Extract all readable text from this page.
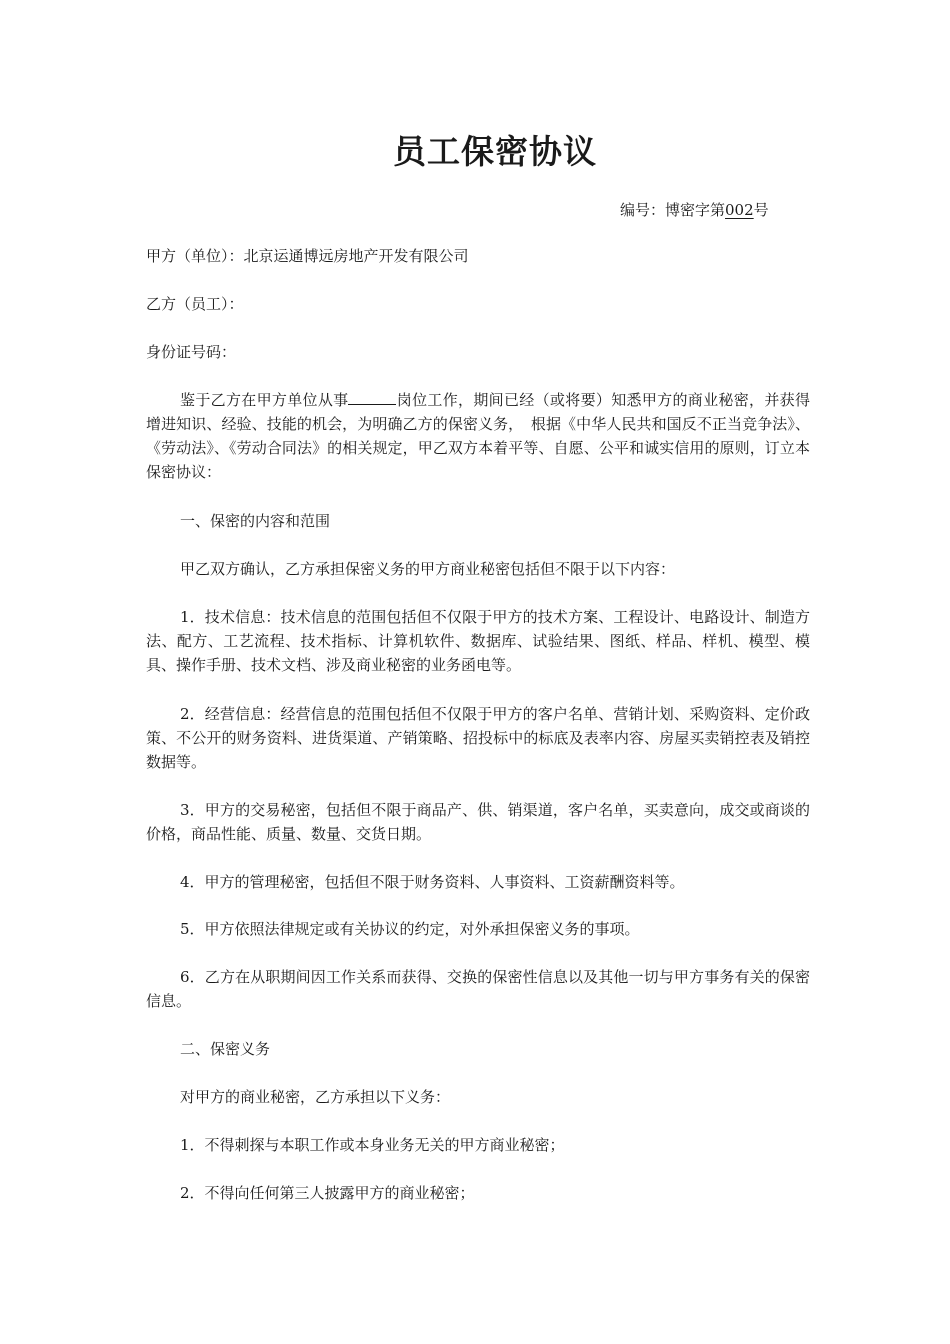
员工保密协议
编号：博密字第002号

甲方（单位）：北京运通博远房地产开发有限公司

乙方（员工）：

身份证号码：

鉴于乙方在甲方单位从事	岗位工作，期间已经（或将要）知悉甲方的商业秘密，并获得增进知识、经验、技能的机会，为明确乙方的保密义务，　根据《中华人民共和国反不正当竞争法》、《劳动法》、《劳动合同法》的相关规定，甲乙双方本着平等、自愿、公平和诚实信用的原则，订立本保密协议：

一、保密的内容和范围

甲乙双方确认，乙方承担保密义务的甲方商业秘密包括但不限于以下内容：

1．技术信息：技术信息的范围包括但不仅限于甲方的技术方案、工程设计、电路设计、制造方法、配方、工艺流程、技术指标、计算机软件、数据库、试验结果、图纸、样品、样机、模型、模具、操作手册、技术文档、涉及商业秘密的业务函电等。

2．经营信息：经营信息的范围包括但不仅限于甲方的客户名单、营销计划、采购资料、定价政策、不公开的财务资料、进货渠道、产销策略、招投标中的标底及表率内容、房屋买卖销控表及销控数据等。

3．甲方的交易秘密，包括但不限于商品产、供、销渠道，客户名单，买卖意向，成交或商谈的价格，商品性能、质量、数量、交货日期。

4．甲方的管理秘密，包括但不限于财务资料、人事资料、工资薪酬资料等。

5．甲方依照法律规定或有关协议的约定，对外承担保密义务的事项。

6．乙方在从职期间因工作关系而获得、交换的保密性信息以及其他一切与甲方事务有关的保密信息。

二、保密义务

对甲方的商业秘密，乙方承担以下义务：

1．不得刺探与本职工作或本身业务无关的甲方商业秘密；

2．不得向任何第三人披露甲方的商业秘密；
